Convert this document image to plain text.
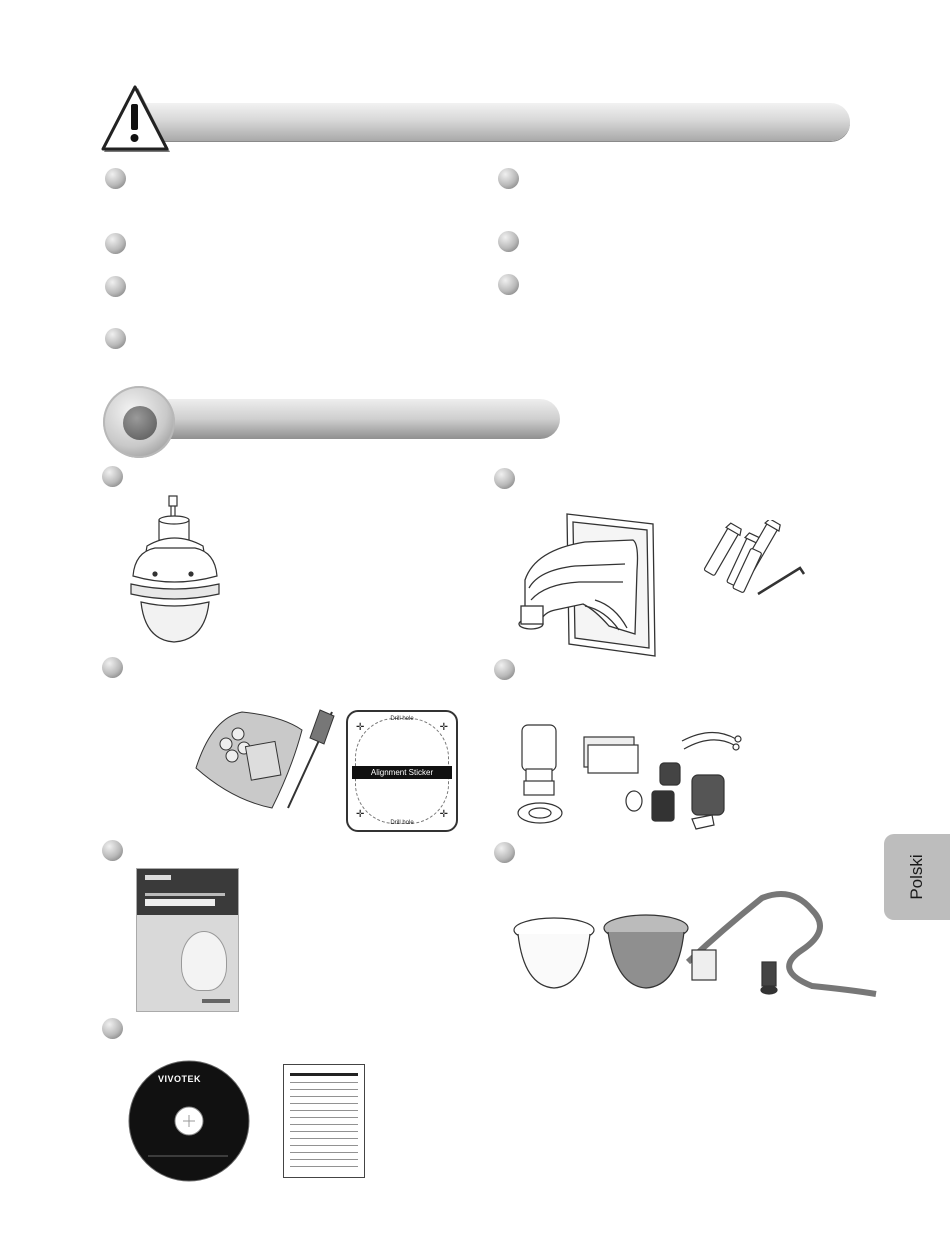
Drill hole
Alignment Sticker
Drill hole
✛	✛
✛	✛
VIVOTEK
Polski
